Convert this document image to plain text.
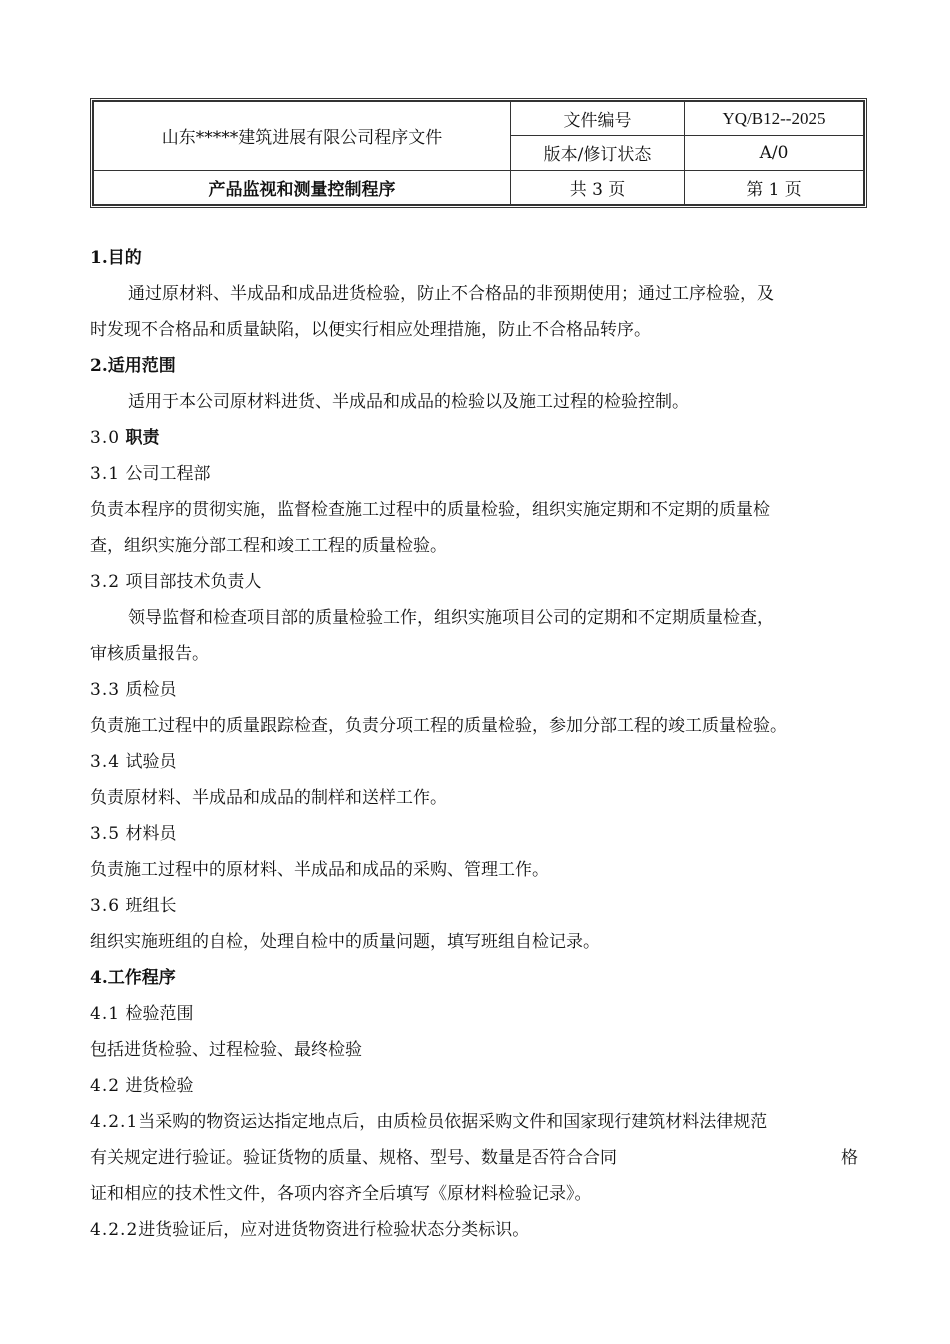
山东*****建筑进展有限公司程序文件	文件编号	YQ/B12--2025
	版本/修订状态	A/0
产品监视和测量控制程序	共 3 页	第 1 页
1.目的
通过原材料、半成品和成品进货检验，防止不合格品的非预期使用；通过工序检验，及
时发现不合格品和质量缺陷，以便实行相应处理措施，防止不合格品转序。
2.适用范围
适用于本公司原材料进货、半成品和成品的检验以及施工过程的检验控制。
3.0 职责
3.1 公司工程部
负责本程序的贯彻实施，监督检查施工过程中的质量检验，组织实施定期和不定期的质量检
查，组织实施分部工程和竣工工程的质量检验。
3.2 项目部技术负责人
领导监督和检查项目部的质量检验工作，组织实施项目公司的定期和不定期质量检查，
审核质量报告。
3.3 质检员
负责施工过程中的质量跟踪检查，负责分项工程的质量检验，参加分部工程的竣工质量检验。
3.4 试验员
负责原材料、半成品和成品的制样和送样工作。
3.5 材料员
负责施工过程中的原材料、半成品和成品的采购、管理工作。
3.6 班组长
组织实施班组的自检，处理自检中的质量问题，填写班组自检记录。
4.工作程序
4.1 检验范围
包括进货检验、过程检验、最终检验
4.2 进货检验
4.2.1当采购的物资运达指定地点后，由质检员依据采购文件和国家现行建筑材料法律规范
有关规定进行验证。验证货物的质量、规格、型号、数量是否符合合同	格
证和相应的技术性文件，各项内容齐全后填写《原材料检验记录》。
4.2.2进货验证后，应对进货物资进行检验状态分类标识。
